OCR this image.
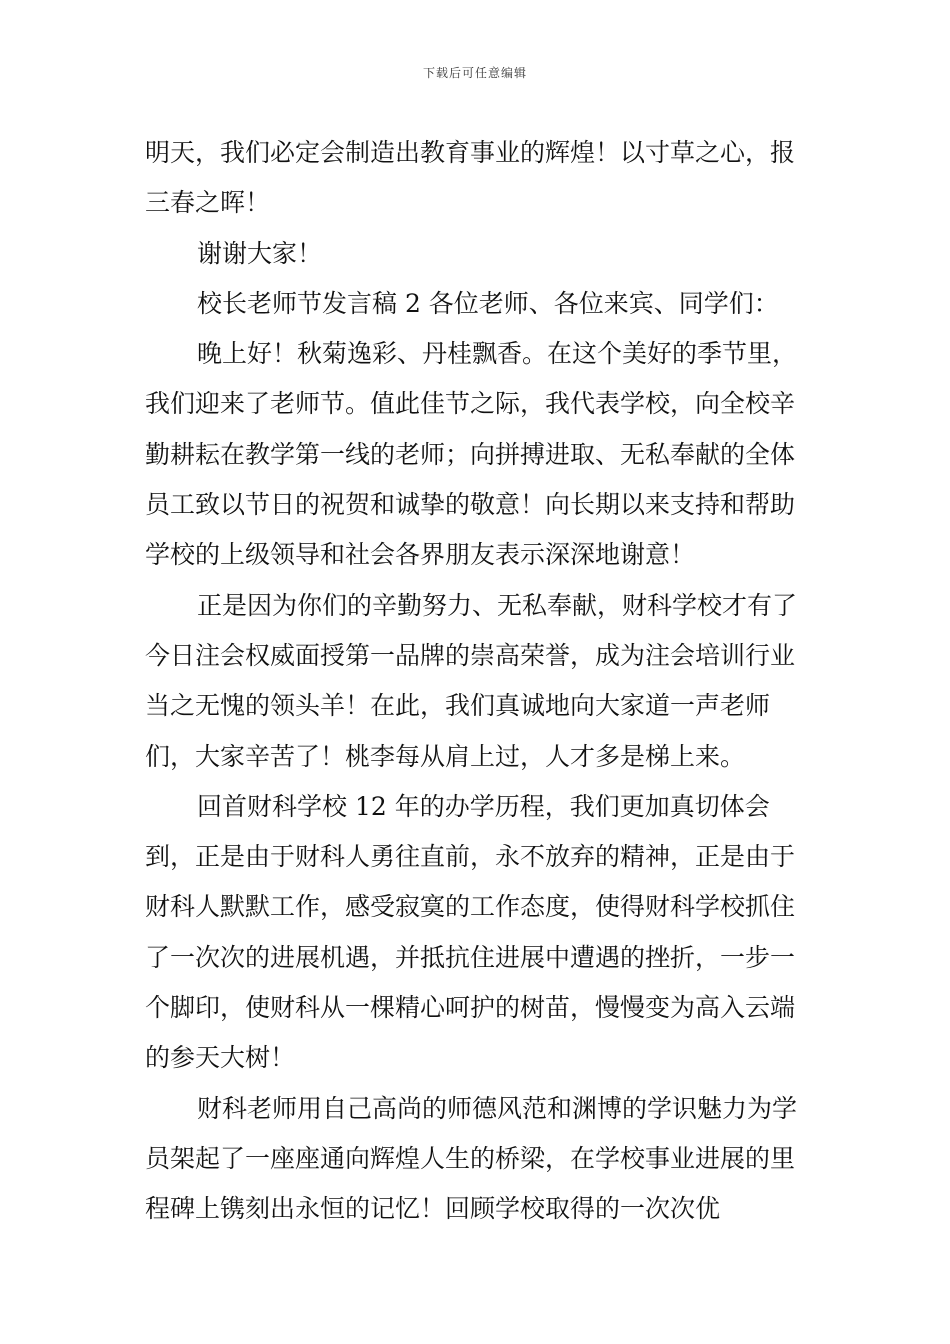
下载后可任意编辑

明天，我们必定会制造出教育事业的辉煌！以寸草之心，报三春之晖！

谢谢大家！

校长老师节发言稿 2 各位老师、各位来宾、同学们：

晚上好！秋菊逸彩、丹桂飘香。在这个美好的季节里，我们迎来了老师节。值此佳节之际，我代表学校，向全校辛勤耕耘在教学第一线的老师；向拼搏进取、无私奉献的全体员工致以节日的祝贺和诚挚的敬意！向长期以来支持和帮助学校的上级领导和社会各界朋友表示深深地谢意！

正是因为你们的辛勤努力、无私奉献，财科学校才有了今日注会权威面授第一品牌的崇高荣誉，成为注会培训行业当之无愧的领头羊！在此，我们真诚地向大家道一声老师们，大家辛苦了！桃李每从肩上过，人才多是梯上来。

回首财科学校 12 年的办学历程，我们更加真切体会到，正是由于财科人勇往直前，永不放弃的精神，正是由于财科人默默工作，感受寂寞的工作态度，使得财科学校抓住了一次次的进展机遇，并抵抗住进展中遭遇的挫折，一步一个脚印，使财科从一棵精心呵护的树苗，慢慢变为高入云端的参天大树！

财科老师用自己高尚的师德风范和渊博的学识魅力为学员架起了一座座通向辉煌人生的桥梁，在学校事业进展的里程碑上镌刻出永恒的记忆！回顾学校取得的一次次优
